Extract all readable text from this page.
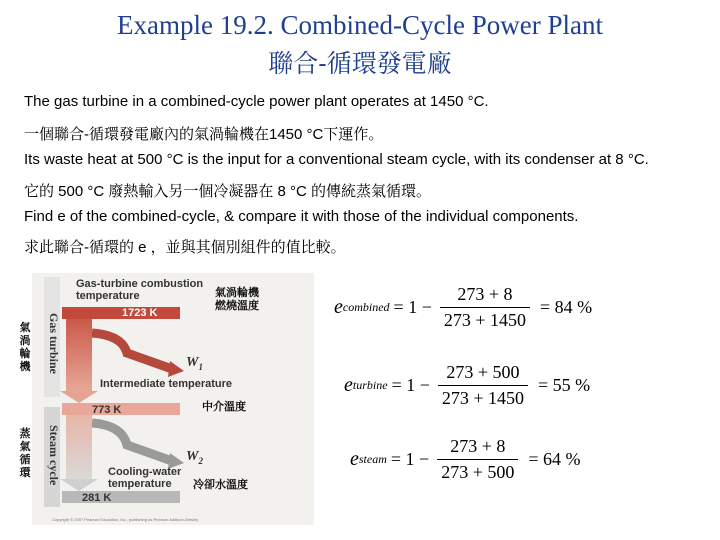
Example 19.2. Combined-Cycle Power Plant
聯合-循環發電廠
The gas turbine in a combined-cycle power plant operates at 1450 °C.
一個聯合-循環發電廠內的氣渦輪機在1450 °C下運作。
Its waste heat at 500 °C is the input for a conventional steam cycle, with its condenser at 8 °C.
它的 500 °C 廢熱輸入另一個冷凝器在 8 °C 的傳統蒸氣循環。
Find e of the combined-cycle, & compare it with those of the individual components.
求此聯合-循環的 e ，並與其個別組件的值比較。
Gas-turbine combustion
temperature
1723 K
Intermediate temperature
773 K
Cooling-water
temperature
281 K
$W_1$
$W_2$
Gas turbine
Steam cycle
Copyright © 2007 Pearson Education, Inc., publishing as Pearson Addison-Wesley.
氣渦輪機
蒸氣循環
氣渦輪機
燃燒溫度
中介溫度
冷卻水溫度
e combined = $1 - \frac{273 + 8}{273 + 1450} = 84$ %
e turbine = $1 - \frac{273 + 500}{273 + 1450} = 55$ %
e steam = $1 - \frac{273 + 8}{273 + 500} = 64$ %
